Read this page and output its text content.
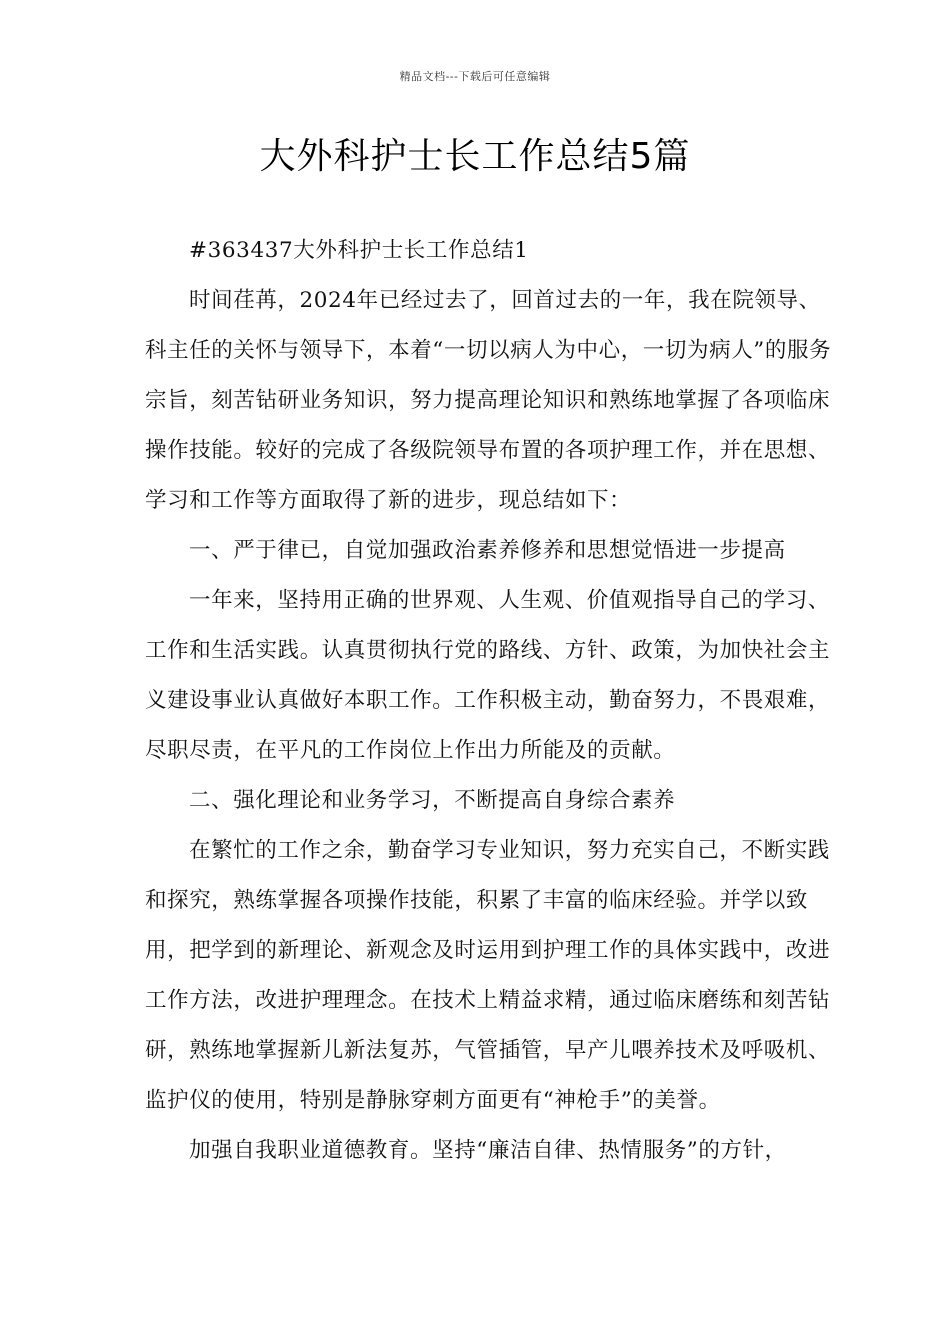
精品文档---下载后可任意编辑
大外科护士长工作总结5篇

#363437大外科护士长工作总结1

时间荏苒，2024年已经过去了，回首过去的一年，我在院领导、科主任的关怀与领导下，本着“一切以病人为中心，一切为病人”的服务宗旨，刻苦钻研业务知识，努力提高理论知识和熟练地掌握了各项临床操作技能。较好的完成了各级院领导布置的各项护理工作，并在思想、学习和工作等方面取得了新的进步，现总结如下：

一、严于律已，自觉加强政治素养修养和思想觉悟进一步提高

一年来，坚持用正确的世界观、人生观、价值观指导自己的学习、工作和生活实践。认真贯彻执行党的路线、方针、政策，为加快社会主义建设事业认真做好本职工作。工作积极主动，勤奋努力，不畏艰难，尽职尽责，在平凡的工作岗位上作出力所能及的贡献。

二、强化理论和业务学习，不断提高自身综合素养

在繁忙的工作之余，勤奋学习专业知识，努力充实自己，不断实践和探究，熟练掌握各项操作技能，积累了丰富的临床经验。并学以致用，把学到的新理论、新观念及时运用到护理工作的具体实践中，改进工作方法，改进护理理念。在技术上精益求精，通过临床磨练和刻苦钻研，熟练地掌握新儿新法复苏，气管插管，早产儿喂养技术及呼吸机、监护仪的使用，特别是静脉穿刺方面更有“神枪手”的美誉。

加强自我职业道德教育。坚持“廉洁自律、热情服务”的方针，
